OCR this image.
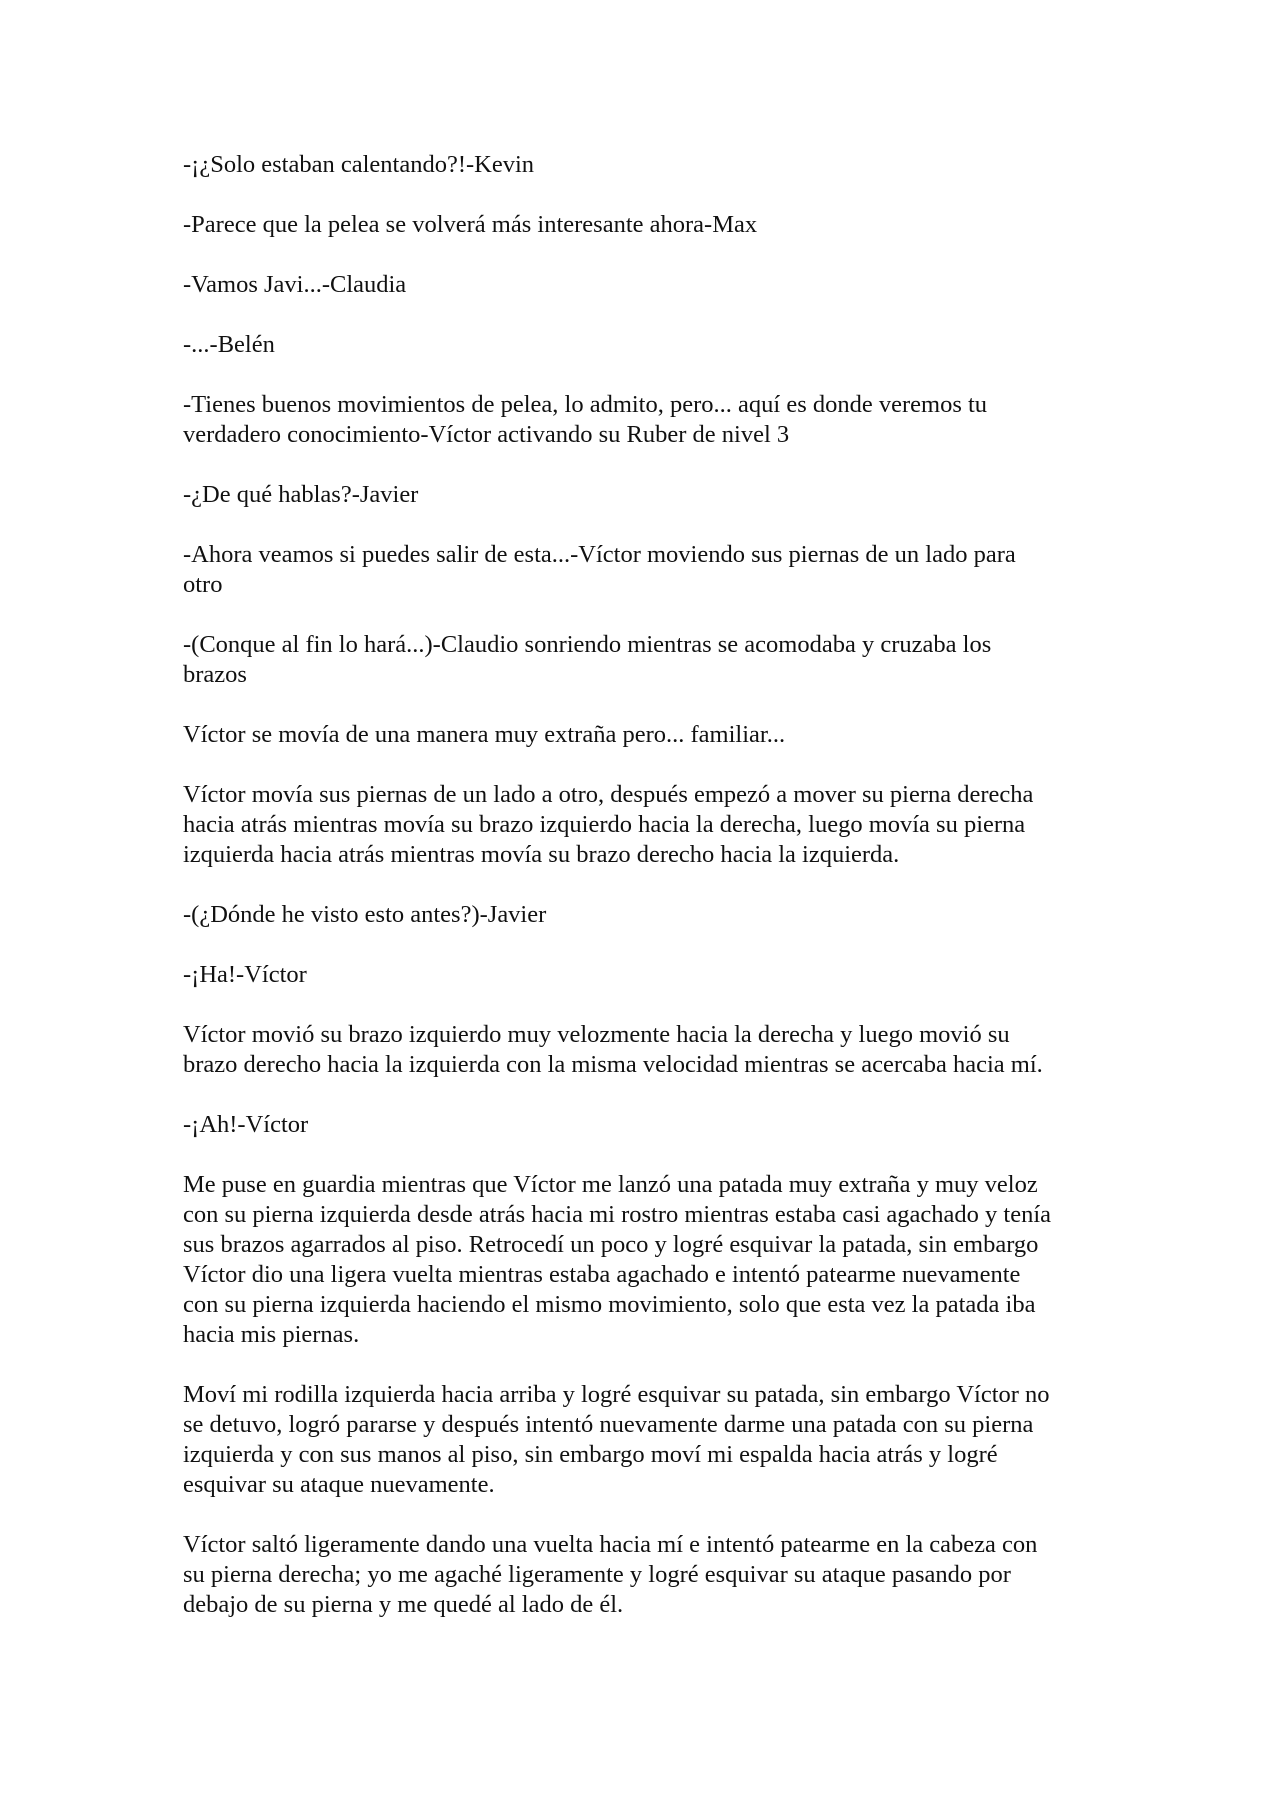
-¡¿Solo estaban calentando?!-Kevin

-Parece que la pelea se volverá más interesante ahora-Max

-Vamos Javi...-Claudia

-...-Belén

-Tienes buenos movimientos de pelea, lo admito, pero... aquí es donde veremos tu
verdadero conocimiento-Víctor activando su Ruber de nivel 3

-¿De qué hablas?-Javier

-Ahora veamos si puedes salir de esta...-Víctor moviendo sus piernas de un lado para
otro

-(Conque al fin lo hará...)-Claudio sonriendo mientras se acomodaba y cruzaba los
brazos

Víctor se movía de una manera muy extraña pero... familiar...

Víctor movía sus piernas de un lado a otro, después empezó a mover su pierna derecha
hacia atrás mientras movía su brazo izquierdo hacia la derecha, luego movía su pierna
izquierda hacia atrás mientras movía su brazo derecho hacia la izquierda.

-(¿Dónde he visto esto antes?)-Javier

-¡Ha!-Víctor

Víctor movió su brazo izquierdo muy velozmente hacia la derecha y luego movió su
brazo derecho hacia la izquierda con la misma velocidad mientras se acercaba hacia mí.

-¡Ah!-Víctor

Me puse en guardia mientras que Víctor me lanzó una patada muy extraña y muy veloz
con su pierna izquierda desde atrás hacia mi rostro mientras estaba casi agachado y tenía
sus brazos agarrados al piso. Retrocedí un poco y logré esquivar la patada, sin embargo
Víctor dio una ligera vuelta mientras estaba agachado e intentó patearme nuevamente
con su pierna izquierda haciendo el mismo movimiento, solo que esta vez la patada iba
hacia mis piernas.

Moví mi rodilla izquierda hacia arriba y logré esquivar su patada, sin embargo Víctor no
se detuvo, logró pararse y después intentó nuevamente darme una patada con su pierna
izquierda y con sus manos al piso, sin embargo moví mi espalda hacia atrás y logré
esquivar su ataque nuevamente.

Víctor saltó ligeramente dando una vuelta hacia mí e intentó patearme en la cabeza con
su pierna derecha; yo me agaché ligeramente y logré esquivar su ataque pasando por
debajo de su pierna y me quedé al lado de él.
